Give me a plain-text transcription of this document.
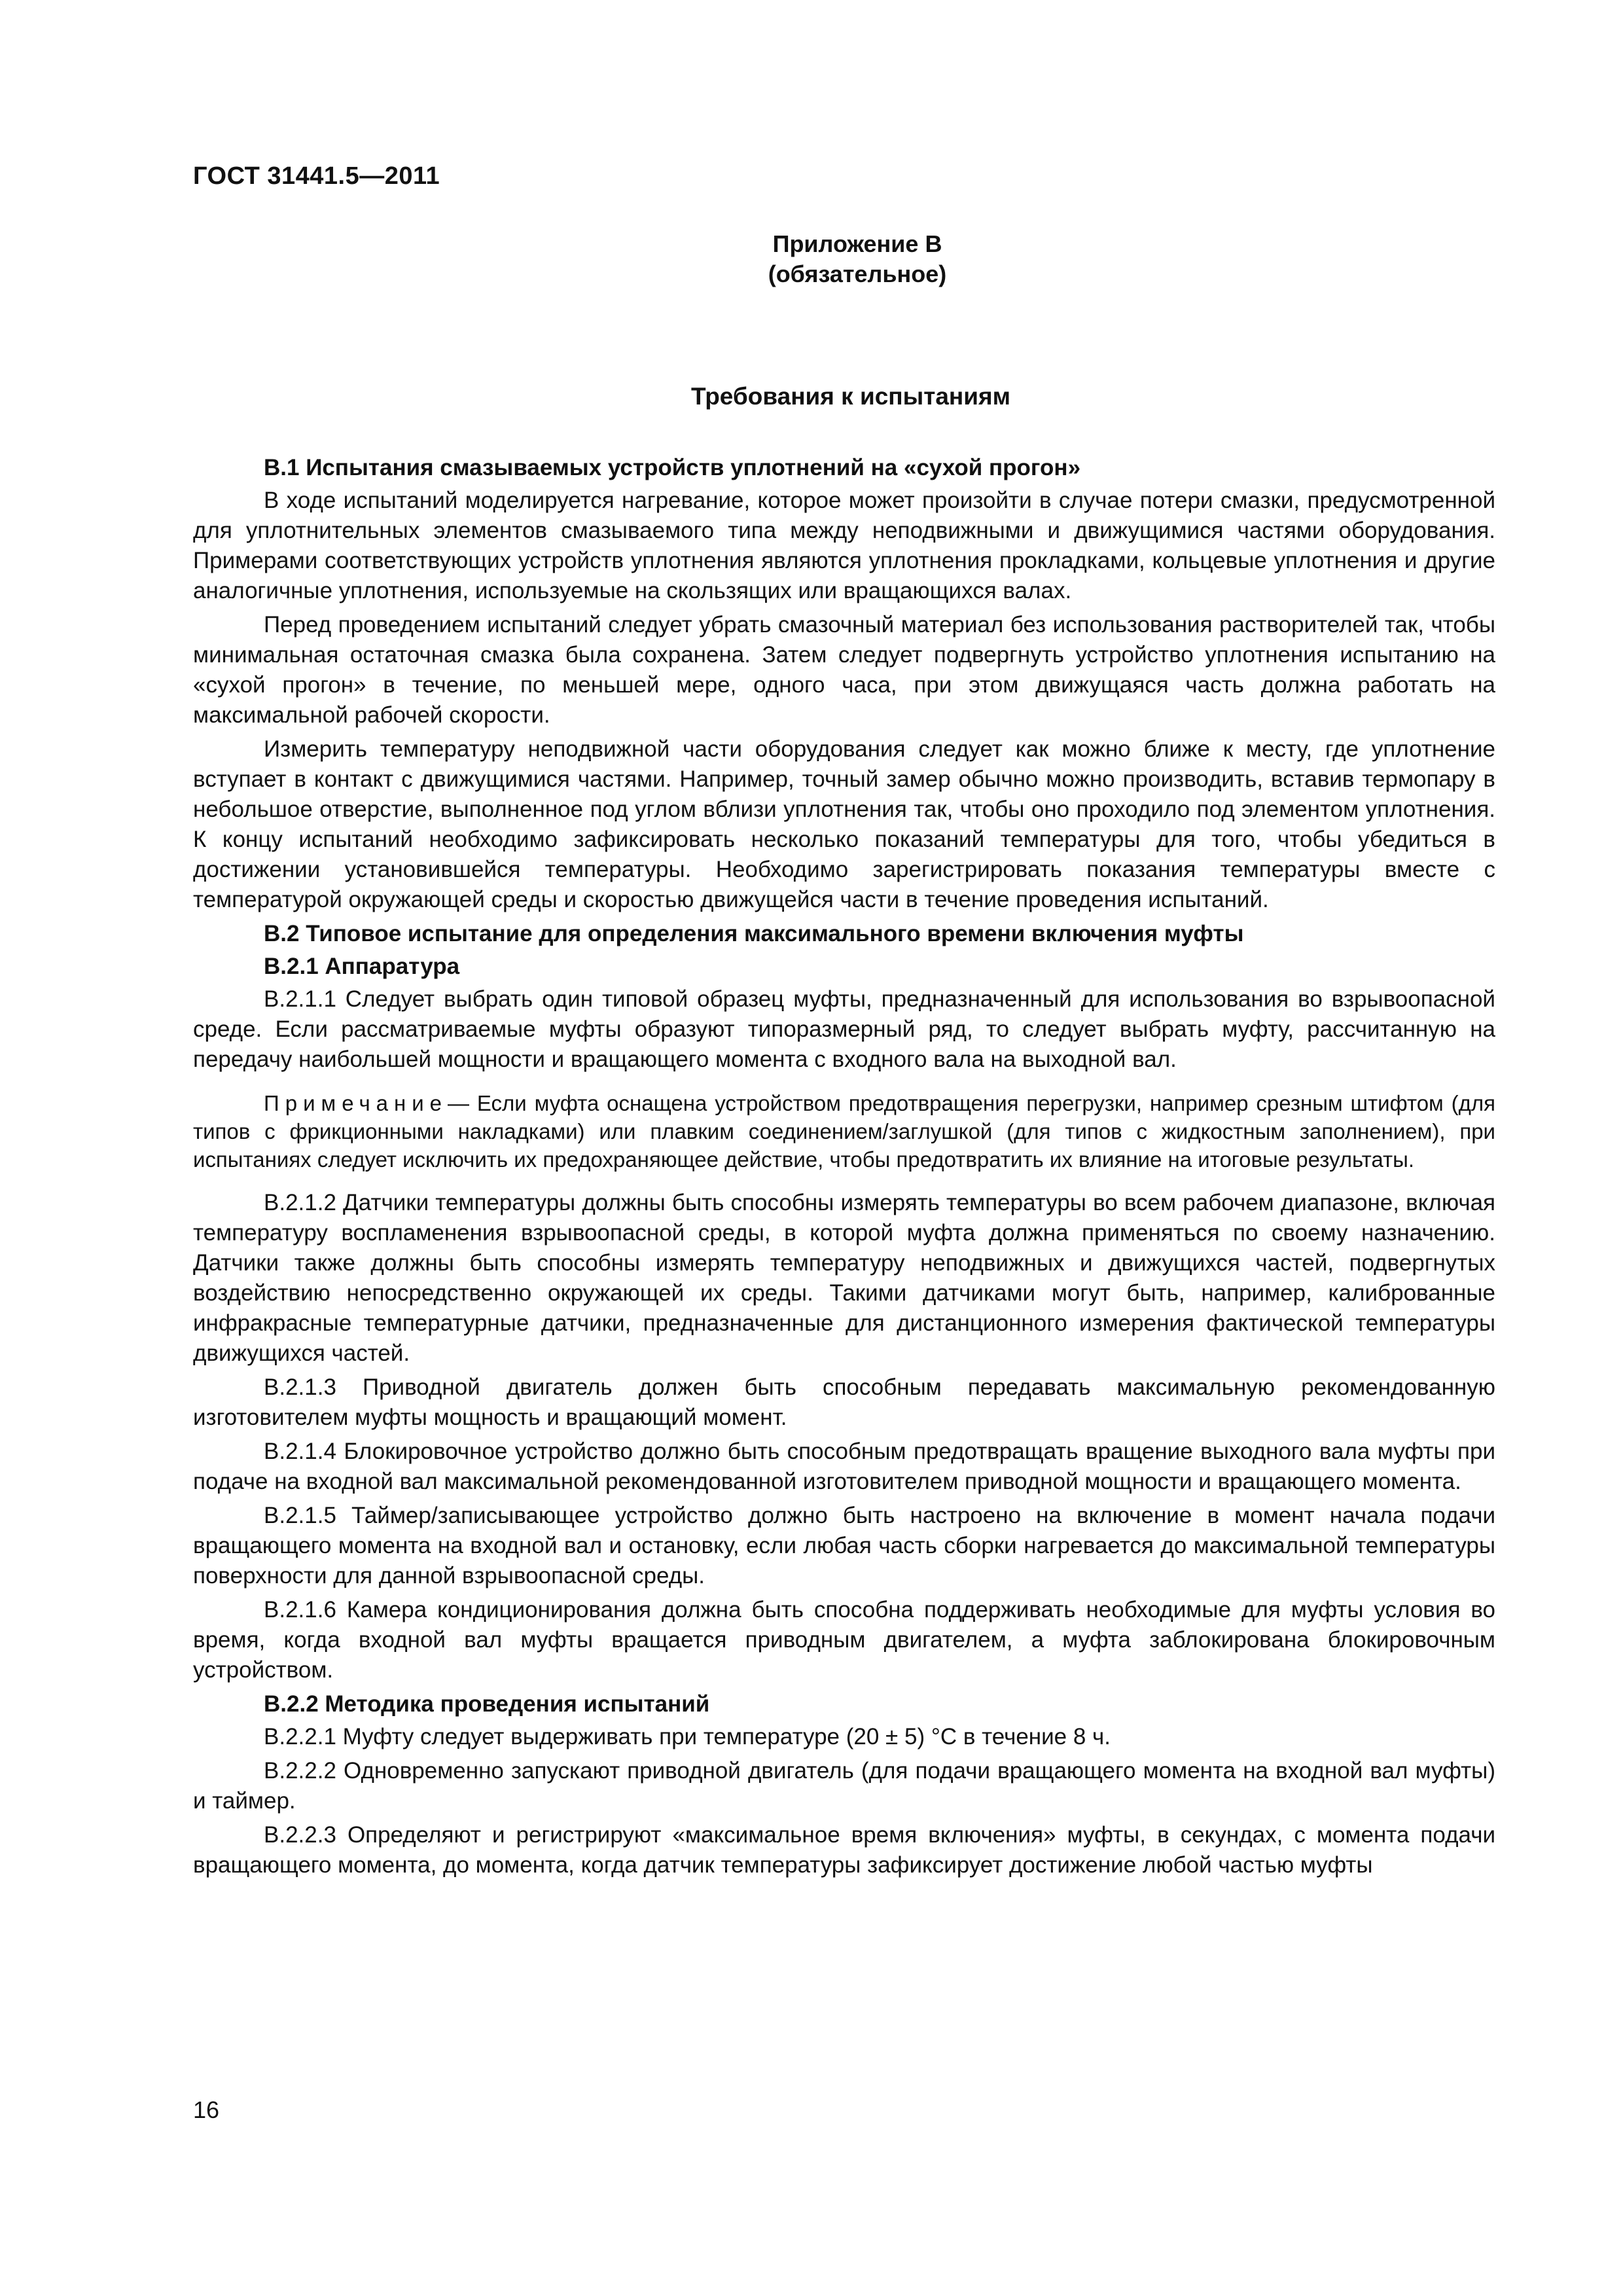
ГОСТ 31441.5—2011
Приложение В
(обязательное)
Требования к испытаниям

B.1 Испытания смазываемых устройств уплотнений на «сухой прогон»

В ходе испытаний моделируется нагревание, которое может произойти в случае потери смазки, предусмотренной для уплотнительных элементов смазываемого типа между неподвижными и движущимися частями оборудования. Примерами соответствующих устройств уплотнения являются уплотнения прокладками, кольцевые уплотнения и другие аналогичные уплотнения, используемые на скользящих или вращающихся валах.

Перед проведением испытаний следует убрать смазочный материал без использования растворителей так, чтобы минимальная остаточная смазка была сохранена. Затем следует подвергнуть устройство уплотнения испытанию на «сухой прогон» в течение, по меньшей мере, одного часа, при этом движущаяся часть должна работать на максимальной рабочей скорости.

Измерить температуру неподвижной части оборудования следует как можно ближе к месту, где уплотнение вступает в контакт с движущимися частями. Например, точный замер обычно можно производить, вставив термопару в небольшое отверстие, выполненное под углом вблизи уплотнения так, чтобы оно проходило под элементом уплотнения. К концу испытаний необходимо зафиксировать несколько показаний температуры для того, чтобы убедиться в достижении установившейся температуры. Необходимо зарегистрировать показания температуры вместе с температурой окружающей среды и скоростью движущейся части в течение проведения испытаний.

B.2 Типовое испытание для определения максимального времени включения муфты

B.2.1 Аппаратура

B.2.1.1 Следует выбрать один типовой образец муфты, предназначенный для использования во взрывоопасной среде. Если рассматриваемые муфты образуют типоразмерный ряд, то следует выбрать муфту, рассчитанную на передачу наибольшей мощности и вращающего момента с входного вала на выходной вал.

Примечание— Если муфта оснащена устройством предотвращения перегрузки, например срезным штифтом (для типов с фрикционными накладками) или плавким соединением/заглушкой (для типов с жидкостным заполнением), при испытаниях следует исключить их предохраняющее действие, чтобы предотвратить их влияние на итоговые результаты.

B.2.1.2 Датчики температуры должны быть способны измерять температуры во всем рабочем диапазоне, включая температуру воспламенения взрывоопасной среды, в которой муфта должна применяться по своему назначению. Датчики также должны быть способны измерять температуру неподвижных и движущихся частей, подвергнутых воздействию непосредственно окружающей их среды. Такими датчиками могут быть, например, калиброванные инфракрасные температурные датчики, предназначенные для дистанционного измерения фактической температуры движущихся частей.

B.2.1.3 Приводной двигатель должен быть способным передавать максимальную рекомендованную изготовителем муфты мощность и вращающий момент.

B.2.1.4 Блокировочное устройство должно быть способным предотвращать вращение выходного вала муфты при подаче на входной вал максимальной рекомендованной изготовителем приводной мощности и вращающего момента.

B.2.1.5 Таймер/записывающее устройство должно быть настроено на включение в момент начала подачи вращающего момента на входной вал и остановку, если любая часть сборки нагревается до максимальной температуры поверхности для данной взрывоопасной среды.

B.2.1.6 Камера кондиционирования должна быть способна поддерживать необходимые для муфты условия во время, когда входной вал муфты вращается приводным двигателем, а муфта заблокирована блокировочным устройством.

B.2.2 Методика проведения испытаний

B.2.2.1 Муфту следует выдерживать при температуре (20 ± 5) °С в течение 8 ч.

B.2.2.2 Одновременно запускают приводной двигатель (для подачи вращающего момента на входной вал муфты) и таймер.

B.2.2.3 Определяют и регистрируют «максимальное время включения» муфты, в секундах, с момента подачи вращающего момента, до момента, когда датчик температуры зафиксирует достижение любой частью муфты

16
